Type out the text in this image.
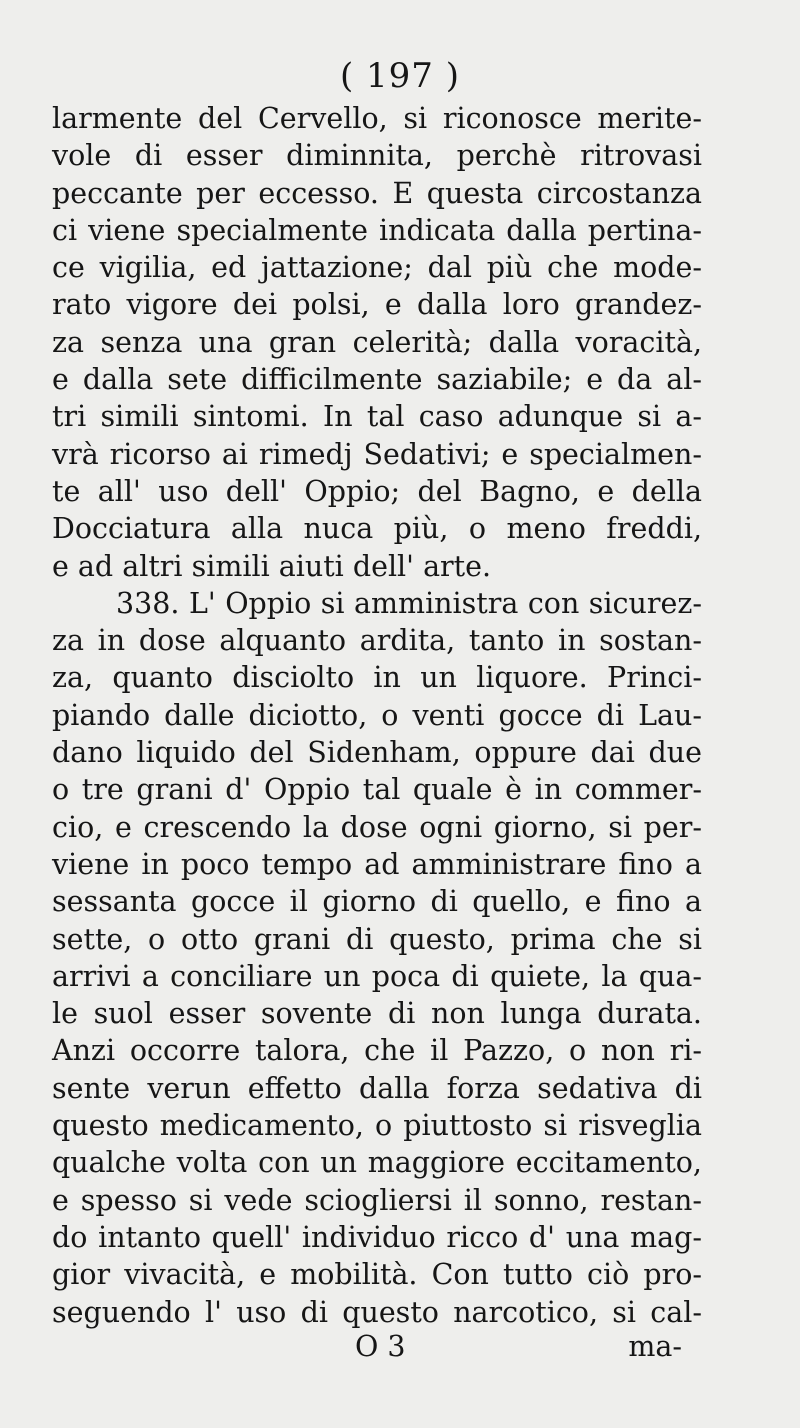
( 197 )
larmente del Cervello, si riconosce merite-
vole di esser diminnita, perchè ritrovasi
peccante per eccesso. E questa circostanza
ci viene specialmente indicata dalla pertina-
ce vigilia, ed jattazione; dal più che mode-
rato vigore dei polsi, e dalla loro grandez-
za senza una gran celerità; dalla voracità,
e dalla sete difficilmente saziabile; e da al-
tri simili sintomi. In tal caso adunque si a-
vrà ricorso ai rimedj Sedativi; e specialmen-
te all' uso dell' Oppio; del Bagno, e della
Docciatura alla nuca più, o meno freddi,
e ad altri simili aiuti dell' arte.
338. L' Oppio si amministra con sicurez-
za in dose alquanto ardita, tanto in sostan-
za, quanto disciolto in un liquore. Princi-
piando dalle diciotto, o venti gocce di Lau-
dano liquido del Sidenham, oppure dai due
o tre grani d' Oppio tal quale è in commer-
cio, e crescendo la dose ogni giorno, si per-
viene in poco tempo ad amministrare fino a
sessanta gocce il giorno di quello, e fino a
sette, o otto grani di questo, prima che si
arrivi a conciliare un poca di quiete, la qua-
le suol esser sovente di non lunga durata.
Anzi occorre talora, che il Pazzo, o non ri-
sente verun effetto dalla forza sedativa di
questo medicamento, o piuttosto si risveglia
qualche volta con un maggiore eccitamento,
e spesso si vede sciogliersi il sonno, restan-
do intanto quell' individuo ricco d' una mag-
gior vivacità, e mobilità. Con tutto ciò pro-
seguendo l' uso di questo narcotico, si cal-
O 3	ma-
